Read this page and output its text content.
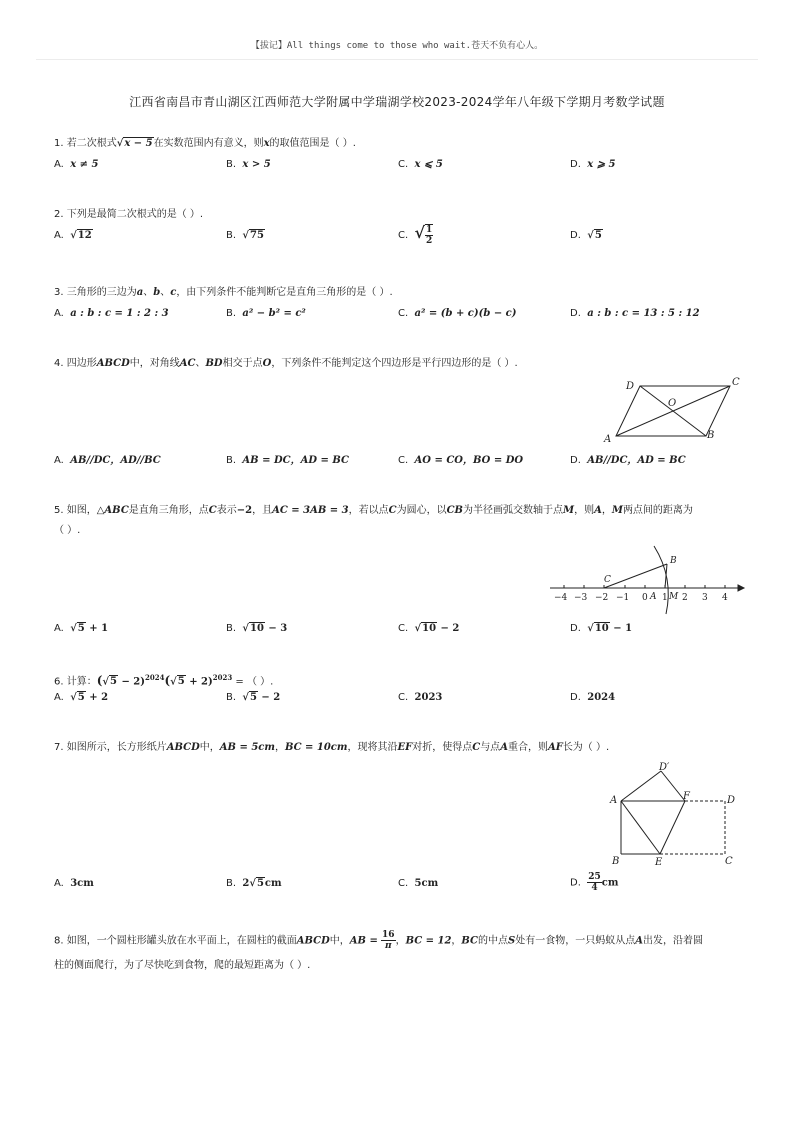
【拔记】All things come to those who wait.苍天不负有心人。
江西省南昌市青山湖区江西师范大学附属中学瑞湖学校2023-2024学年八年级下学期月考数学试题
1. 若二次根式√x − 5在实数范围内有意义，则x的取值范围是（ ）.
A. x ≠ 5	B. x > 5	C. x ⩽ 5	D. x ⩾ 5
2. 下列是最简二次根式的是（ ）.
A. √12	B. √75	C. √ $\frac{1}{2}$	D. √5
3. 三角形的三边为a、b、c，由下列条件不能判断它是直角三角形的是（ ）.
A. a : b : c = 1 : 2 : 3	B. a² − b² = c²	C. a² = (b + c)(b − c)	D. a : b : c = 13 : 5 : 12
4. 四边形ABCD中，对角线AC、BD相交于点O，下列条件不能判定这个四边形是平行四边形的是（ ）.
D	C
O
A	B
A. AB//DC，AD//BC	B. AB = DC，AD = BC	C. AO = CO，BO = DO	D. AB//DC，AD = BC
5. 如图，△ABC是直角三角形，点C表示−2，且AC = 3AB = 3，若以点C为圆心，以CB为半径画弧交数轴于点M，则A，M两点间的距离为
（ ）.
B
C
−4 −3 −2 −1 0 A 1 M 2 3 4
A. √5 + 1	B. √10 − 3	C. √10 − 2	D. √10 − 1
6. 计算：$(√5 - 2)^{2024}(√5 + 2)^{2023}$ = （ ）.
A. √5 + 2	B. √5 − 2	C. 2023	D. 2024
7. 如图所示，长方形纸片ABCD中，AB = 5cm，BC = 10cm，现将其沿EF对折，使得点C与点A重合，则AF长为（ ）.
D′
A	F	D
B	E	C
A. 3cm	B. 2√5cm	C. 5cm	D. $\frac{25}{4}$ cm
8. 如图，一个圆柱形罐头放在水平面上，在圆柱的截面ABCD中，AB = $\frac{16}{\pi}$ ，BC = 12，BC的中点S处有一食物，一只蚂蚁从点A出发，沿着圆
柱的侧面爬行，为了尽快吃到食物，爬的最短距离为（ ）.
